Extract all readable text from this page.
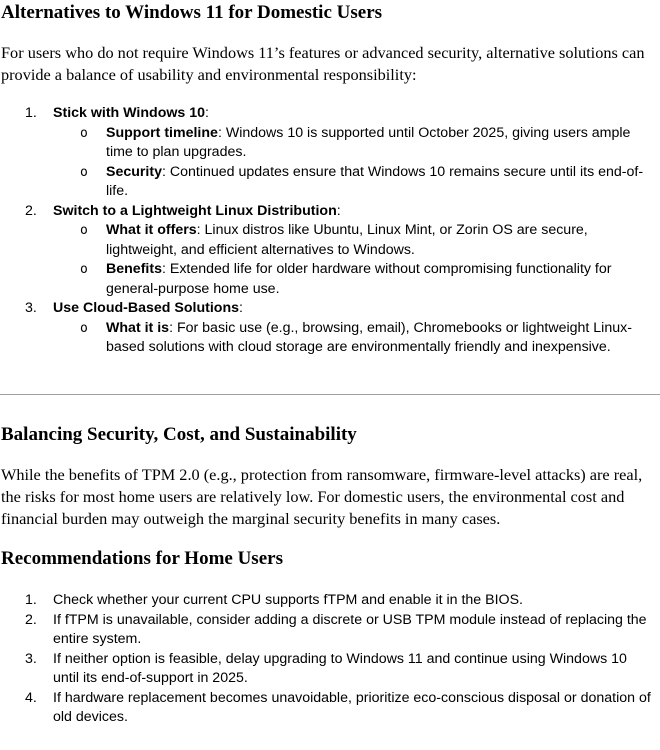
Alternatives to Windows 11 for Domestic Users
For users who do not require Windows 11’s features or advanced security, alternative solutions can provide a balance of usability and environmental responsibility:
1. Stick with Windows 10:
o Support timeline: Windows 10 is supported until October 2025, giving users ample time to plan upgrades.
o Security: Continued updates ensure that Windows 10 remains secure until its end-of-life.
2. Switch to a Lightweight Linux Distribution:
o What it offers: Linux distros like Ubuntu, Linux Mint, or Zorin OS are secure, lightweight, and efficient alternatives to Windows.
o Benefits: Extended life for older hardware without compromising functionality for general-purpose home use.
3. Use Cloud-Based Solutions:
o What it is: For basic use (e.g., browsing, email), Chromebooks or lightweight Linux-based solutions with cloud storage are environmentally friendly and inexpensive.
Balancing Security, Cost, and Sustainability
While the benefits of TPM 2.0 (e.g., protection from ransomware, firmware-level attacks) are real, the risks for most home users are relatively low. For domestic users, the environmental cost and financial burden may outweigh the marginal security benefits in many cases.
Recommendations for Home Users
1. Check whether your current CPU supports fTPM and enable it in the BIOS.
2. If fTPM is unavailable, consider adding a discrete or USB TPM module instead of replacing the entire system.
3. If neither option is feasible, delay upgrading to Windows 11 and continue using Windows 10 until its end-of-support in 2025.
4. If hardware replacement becomes unavoidable, prioritize eco-conscious disposal or donation of old devices.
